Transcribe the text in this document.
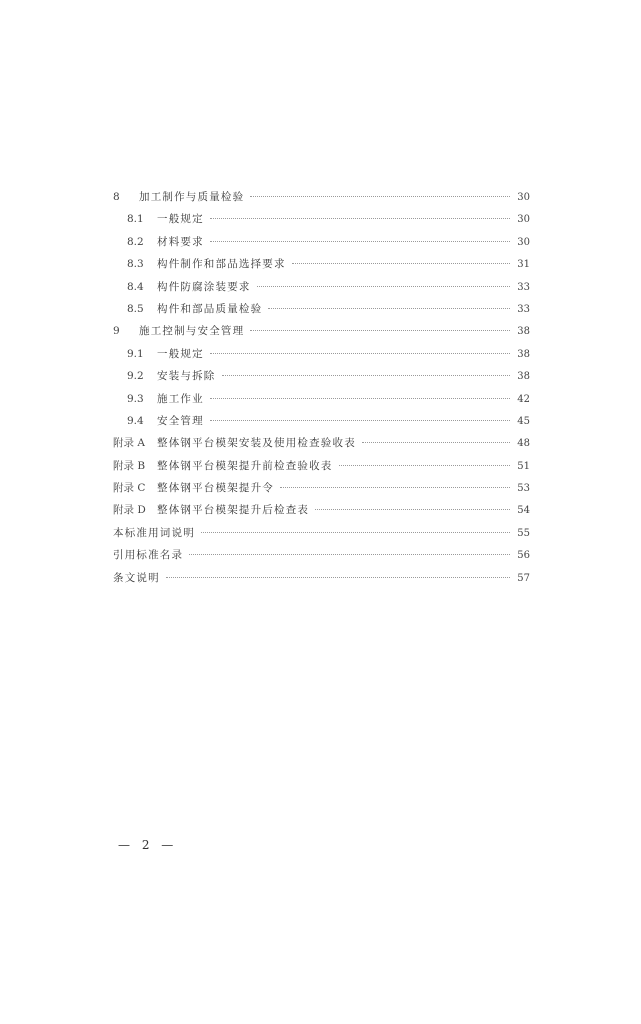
8	加工制作与质量检验	30
8.1	一般规定	30
8.2	材料要求	30
8.3	构件制作和部品选择要求	31
8.4	构件防腐涂装要求	33
8.5	构件和部品质量检验	33
9	施工控制与安全管理	38
9.1	一般规定	38
9.2	安装与拆除	38
9.3	施工作业	42
9.4	安全管理	45
附录 A	整体钢平台模架安装及使用检查验收表	48
附录 B	整体钢平台模架提升前检查验收表	51
附录 C	整体钢平台模架提升令	53
附录 D	整体钢平台模架提升后检查表	54
本标准用词说明	55
引用标准名录	56
条文说明	57
— 2 —
